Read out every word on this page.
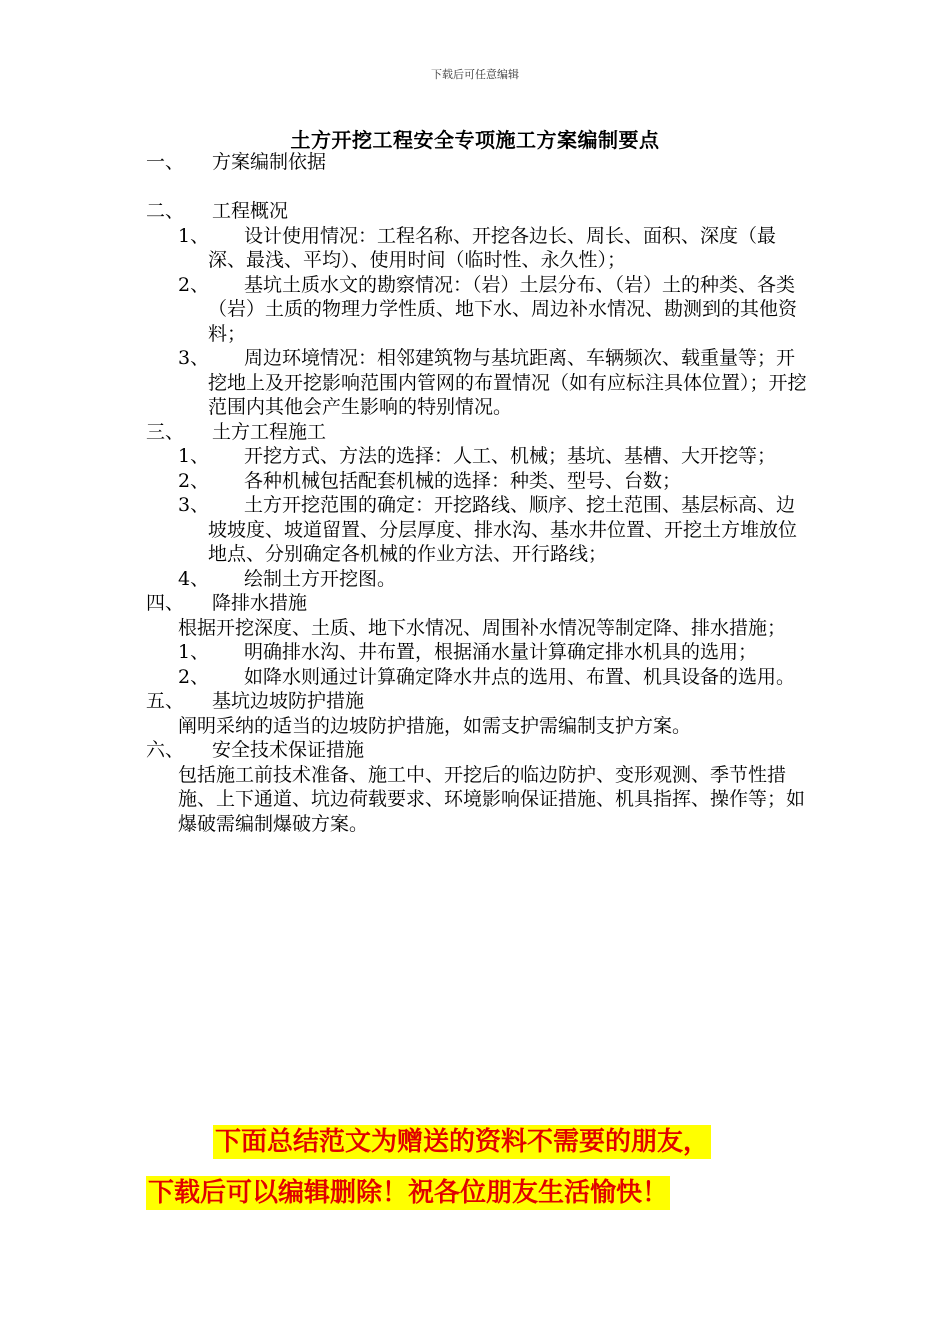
下载后可任意编辑
土方开挖工程安全专项施工方案编制要点
一、 方案编制依据
二、 工程概况
1、	设计使用情况：工程名称、开挖各边长、周长、面积、深度（最深、最浅、平均）、使用时间（临时性、永久性）；
2、	基坑土质水文的勘察情况：（岩）土层分布、（岩）土的种类、各类（岩）土质的物理力学性质、地下水、周边补水情况、勘测到的其他资料；
3、	周边环境情况：相邻建筑物与基坑距离、车辆频次、载重量等；开挖地上及开挖影响范围内管网的布置情况（如有应标注具体位置）；开挖范围内其他会产生影响的特别情况。
三、 土方工程施工
1、	开挖方式、方法的选择：人工、机械；基坑、基槽、大开挖等；
2、	各种机械包括配套机械的选择：种类、型号、台数；
3、	土方开挖范围的确定：开挖路线、顺序、挖土范围、基层标高、边坡坡度、坡道留置、分层厚度、排水沟、基水井位置、开挖土方堆放位地点、分别确定各机械的作业方法、开行路线；
4、	绘制土方开挖图。
四、 降排水措施
根据开挖深度、土质、地下水情况、周围补水情况等制定降、排水措施；
1、	明确排水沟、井布置，根据涌水量计算确定排水机具的选用；
2、	如降水则通过计算确定降水井点的选用、布置、机具设备的选用。
五、 基坑边坡防护措施
阐明采纳的适当的边坡防护措施，如需支护需编制支护方案。
六、 安全技术保证措施
包括施工前技术准备、施工中、开挖后的临边防护、变形观测、季节性措施、上下通道、坑边荷载要求、环境影响保证措施、机具指挥、操作等；如爆破需编制爆破方案。
下面总结范文为赠送的资料不需要的朋友，
下载后可以编辑删除！祝各位朋友生活愉快！
